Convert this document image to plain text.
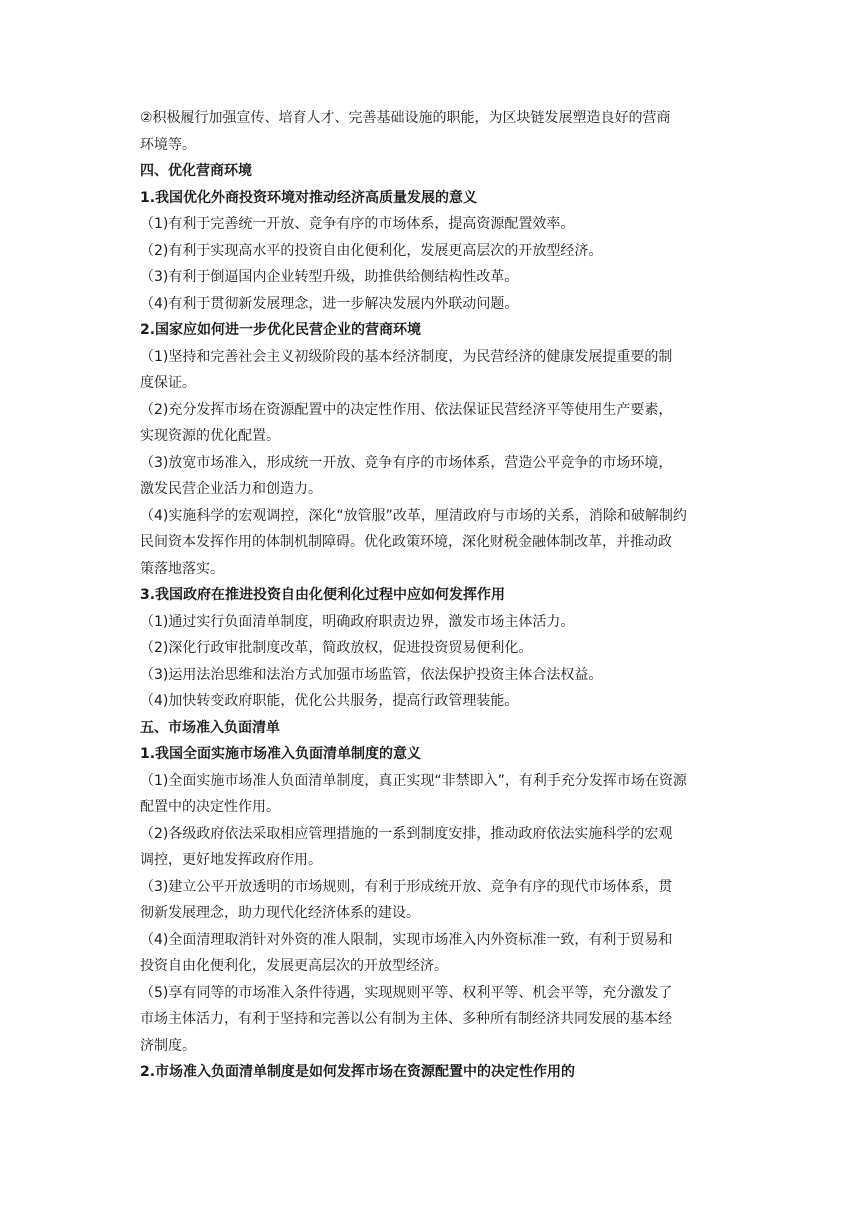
②积极履行加强宣传、培育人才、完善基础设施的职能，为区块链发展塑造良好的营商
环境等。
四、优化营商环境
1.我国优化外商投资环境对推动经济高质量发展的意义
（1)有利于完善统一开放、竞争有序的市场体系，提高资源配置效率。
（2)有利于实现高水平的投资自由化便利化，发展更高层次的开放型经济。
（3)有利于倒逼国内企业转型升级，助推供给侧结构性改革。
（4)有利于贯彻新发展理念，进一步解决发展内外联动问题。
2.国家应如何进一步优化民营企业的营商环境
（1)坚持和完善社会主义初级阶段的基本经济制度，为民营经济的健康发展提重要的制
度保证。
（2)充分发挥市场在资源配置中的决定性作用、依法保证民营经济平等使用生产要素，
实现资源的优化配置。
（3)放宽市场准入，形成统一开放、竞争有序的市场体系，营造公平竞争的市场环境，
激发民营企业活力和创造力。
（4)实施科学的宏观调控，深化“放管服”改革，厘清政府与市场的关系，消除和破解制约
民间资本发挥作用的体制机制障碍。优化政策环境，深化财税金融体制改革，并推动政
策落地落实。
3.我国政府在推进投资自由化便利化过程中应如何发挥作用
（1)通过实行负面清单制度，明确政府职责边界，激发市场主体活力。
（2)深化行政审批制度改革，简政放权，促进投资贸易便利化。
（3)运用法治思维和法治方式加强市场监管，依法保护投资主体合法权益。
（4)加快转变政府职能，优化公共服务，提高行政管理装能。
五、市场准入负面清单
1.我国全面实施市场准入负面清单制度的意义
（1)全面实施市场准人负面清单制度，真正实现“非禁即入”，有利手充分发挥市场在资源
配置中的决定性作用。
（2)各级政府依法采取相应管理措施的一系到制度安排，推动政府依法实施科学的宏观
调控，更好地发挥政府作用。
（3)建立公平开放透明的市场规则，有利于形成统开放、竞争有序的现代市场体系，贯
彻新发展理念，助力现代化经济体系的建设。
（4)全面清理取消针对外资的准人限制，实现市场准入内外资标准一致，有利于贸易和
投资自由化便利化，发展更高层次的开放型经济。
（5)享有同等的市场准入条件待遇，实现规则平等、权利平等、机会平等，充分激发了
市场主体活力，有利于坚持和完善以公有制为主体、多种所有制经济共同发展的基本经
济制度。
2.市场准入负面清单制度是如何发挥市场在资源配置中的决定性作用的
